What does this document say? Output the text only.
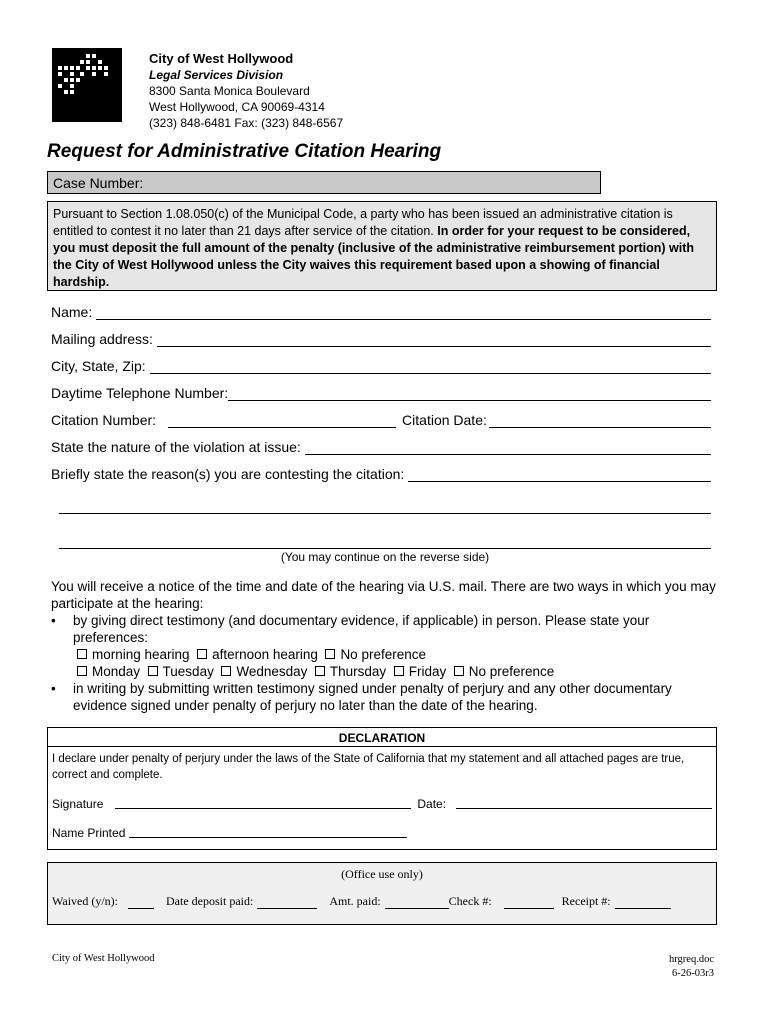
City of West Hollywood
Legal Services Division
8300 Santa Monica Boulevard
West Hollywood, CA 90069-4314
(323) 848-6481 Fax: (323) 848-6567
Request for Administrative Citation Hearing
Case Number:
Pursuant to Section 1.08.050(c) of the Municipal Code, a party who has been issued an administrative citation is entitled to contest it no later than 21 days after service of the citation. In order for your request to be considered, you must deposit the full amount of the penalty (inclusive of the administrative reimbursement portion) with the City of West Hollywood unless the City waives this requirement based upon a showing of financial hardship.
Name:
Mailing address:
City, State, Zip:
Daytime Telephone Number:
Citation Number:	Citation Date:
State the nature of the violation at issue:
Briefly state the reason(s) you are contesting the citation:
(You may continue on the reverse side)
You will receive a notice of the time and date of the hearing via U.S. mail. There are two ways in which you may participate at the hearing:
• by giving direct testimony (and documentary evidence, if applicable) in person. Please state your preferences:
morning hearing afternoon hearing No preference
Monday Tuesday Wednesday Thursday Friday No preference
• in writing by submitting written testimony signed under penalty of perjury and any other documentary evidence signed under penalty of perjury no later than the date of the hearing.
DECLARATION
I declare under penalty of perjury under the laws of the State of California that my statement and all attached pages are true, correct and complete.
Signature	Date:
Name Printed
(Office use only)
Waived (y/n):	Date deposit paid:	Amt. paid:	Check #:	Receipt #:
City of West Hollywood	hrgreq.doc
6-26-03r3
